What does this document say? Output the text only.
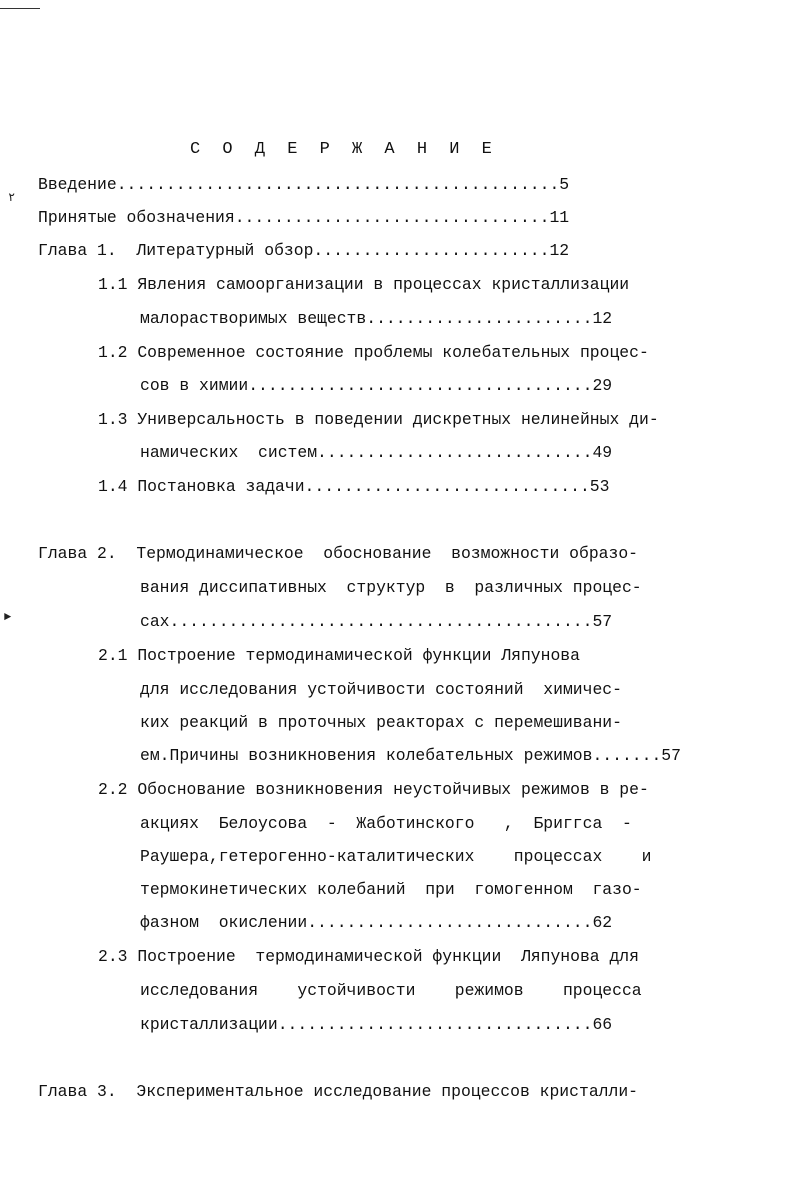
٢
►
С О Д Е Р Ж А Н И Е
Введение.............................................5
Принятые обозначения................................11
Глава 1.  Литературный обзор........................12
1.1 Явления самоорганизации в процессах кристаллизации
малорастворимых веществ.......................12
1.2 Современное состояние проблемы колебательных процес-
сов в химии...................................29
1.3 Универсальность в поведении дискретных нелинейных ди-
намических  систем............................49
1.4 Постановка задачи.............................53
Глава 2.  Термодинамическое  обоснование  возможности образо-
вания диссипативных  структур  в  различных процес-
сах...........................................57
2.1 Построение термодинамической функции Ляпунова
для исследования устойчивости состояний  химичес-
ких реакций в проточных реакторах с перемешивани-
ем.Причины возникновения колебательных режимов.......57
2.2 Обоснование возникновения неустойчивых режимов в ре-
акциях  Белоусова  -  Жаботинского   ,  Бриггса  -
Раушера,гетерогенно-каталитических    процессах    и
термокинетических колебаний  при  гомогенном  газо-
фазном  окислении.............................62
2.3 Построение  термодинамической функции  Ляпунова для
исследования    устойчивости    режимов    процесса
кристаллизации................................66
Глава 3.  Экспериментальное исследование процессов кристалли-
